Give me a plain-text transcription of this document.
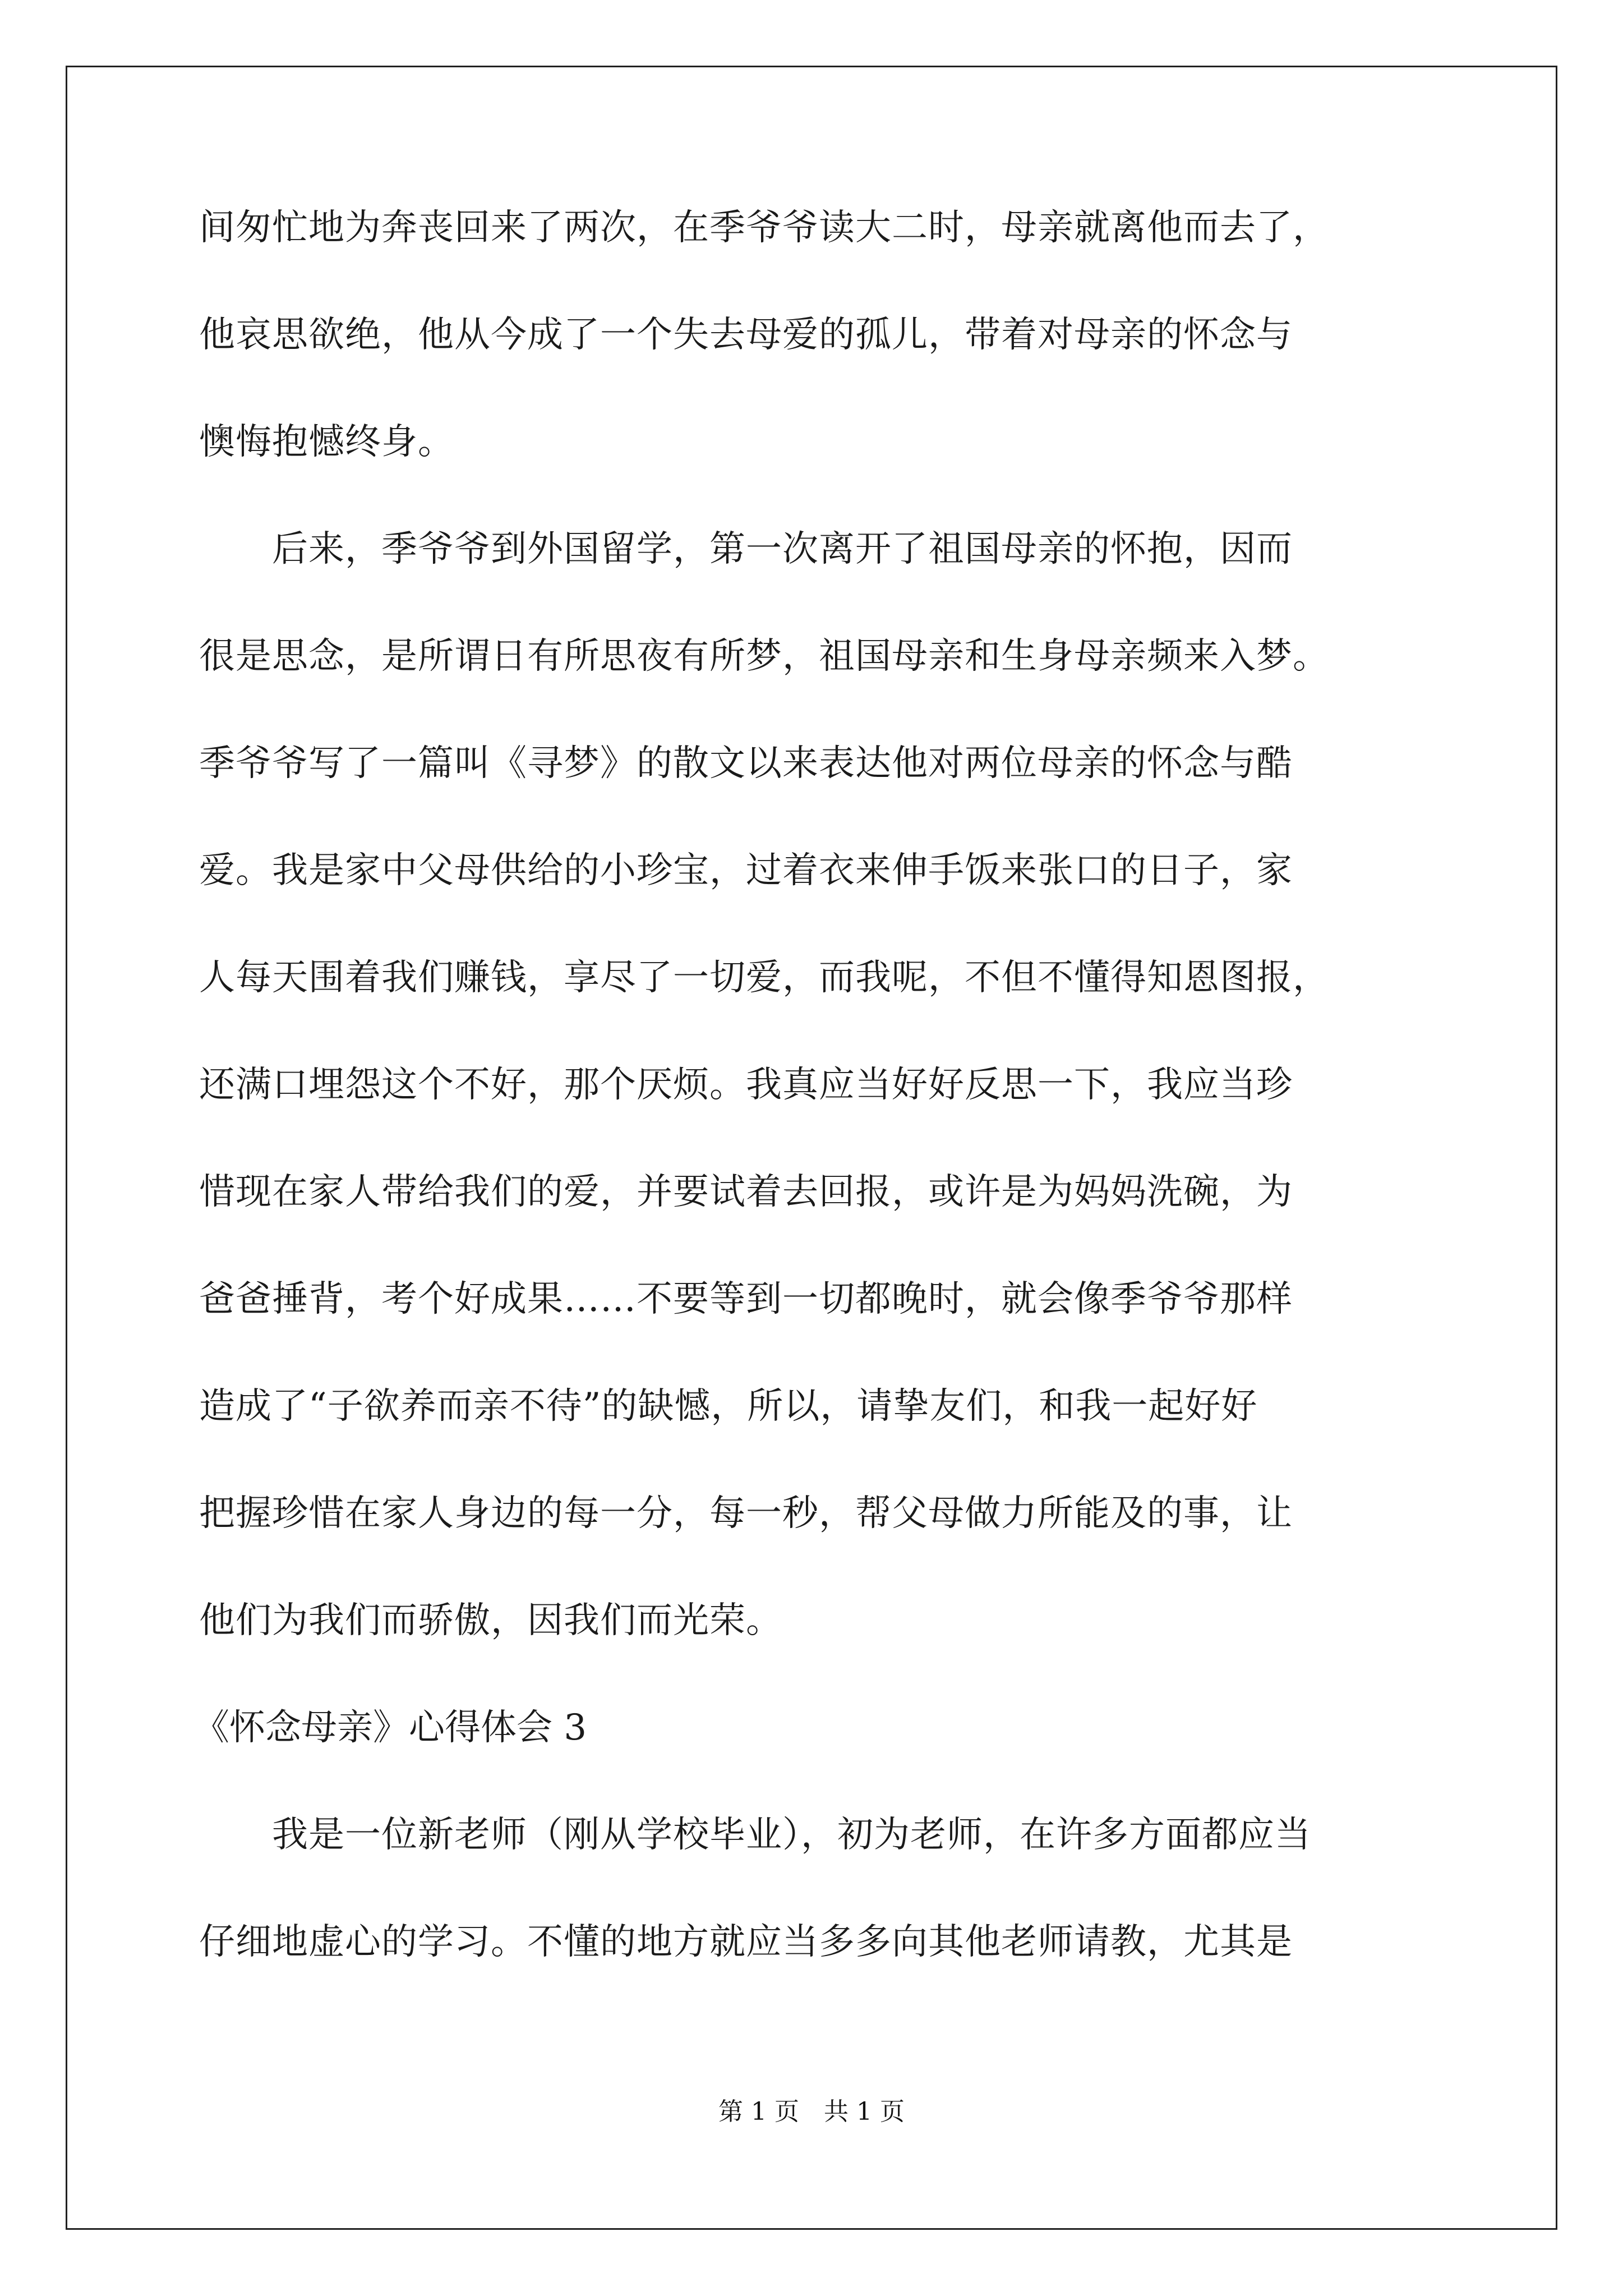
间匆忙地为奔丧回来了两次，在季爷爷读大二时，母亲就离他而去了，
他哀思欲绝，他从今成了一个失去母爱的孤儿，带着对母亲的怀念与
懊悔抱憾终身。
后来，季爷爷到外国留学，第一次离开了祖国母亲的怀抱，因而
很是思念，是所谓日有所思夜有所梦，祖国母亲和生身母亲频来入梦。
季爷爷写了一篇叫《寻梦》的散文以来表达他对两位母亲的怀念与酷
爱。我是家中父母供给的小珍宝，过着衣来伸手饭来张口的日子，家
人每天围着我们赚钱，享尽了一切爱，而我呢，不但不懂得知恩图报，
还满口埋怨这个不好，那个厌烦。我真应当好好反思一下，我应当珍
惜现在家人带给我们的爱，并要试着去回报，或许是为妈妈洗碗，为
爸爸捶背，考个好成果……不要等到一切都晚时，就会像季爷爷那样
造成了“子欲养而亲不待”的缺憾，所以，请挚友们，和我一起好好
把握珍惜在家人身边的每一分，每一秒，帮父母做力所能及的事，让
他们为我们而骄傲，因我们而光荣。
《怀念母亲》心得体会 3
我是一位新老师（刚从学校毕业），初为老师，在许多方面都应当
仔细地虚心的学习。不懂的地方就应当多多向其他老师请教，尤其是
第 1 页　共 1 页
